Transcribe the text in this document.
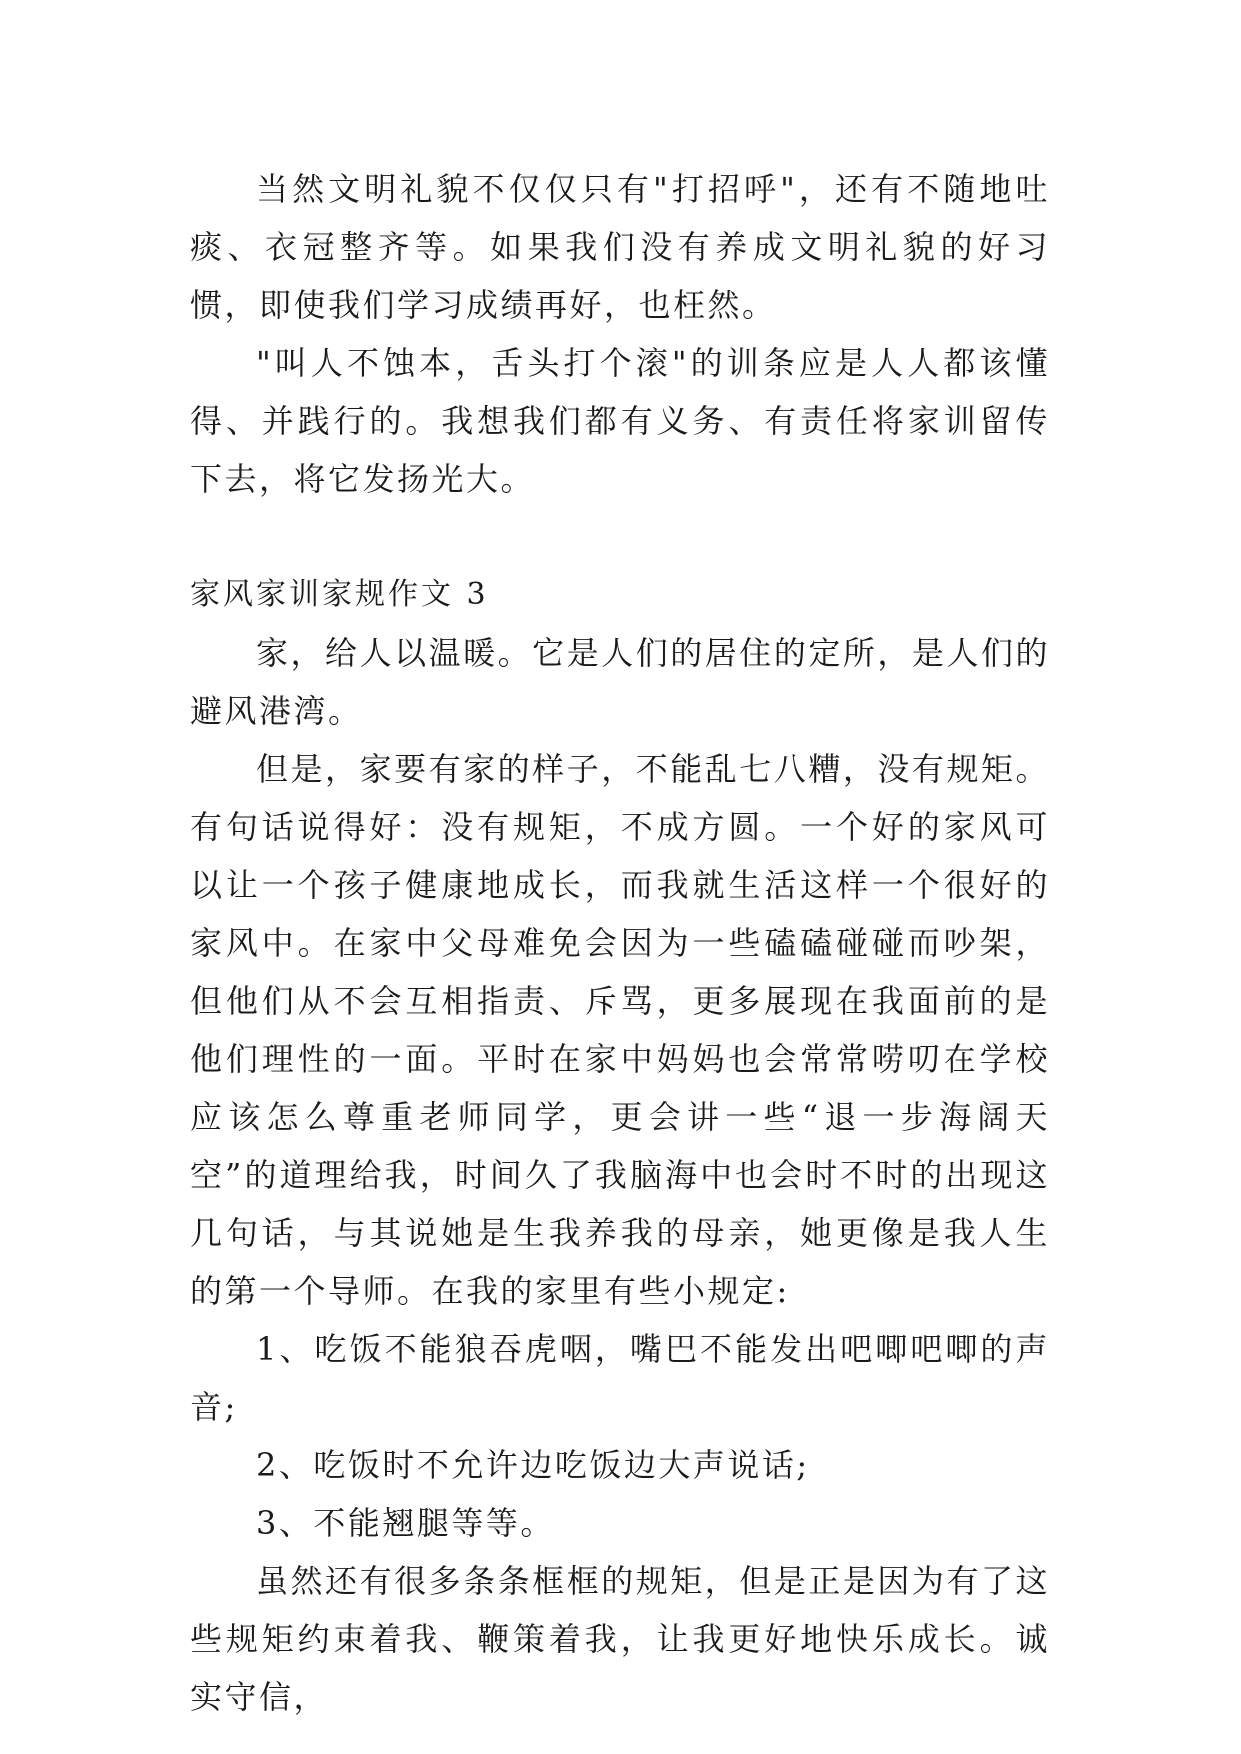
当然文明礼貌不仅仅只有"打招呼"，还有不随地吐痰、衣冠整齐等。如果我们没有养成文明礼貌的好习惯，即使我们学习成绩再好，也枉然。

"叫人不蚀本，舌头打个滚"的训条应是人人都该懂得、并践行的。我想我们都有义务、有责任将家训留传下去，将它发扬光大。

家风家训家规作文 3

家，给人以温暖。它是人们的居住的定所，是人们的避风港湾。

但是，家要有家的样子，不能乱七八糟，没有规矩。有句话说得好：没有规矩，不成方圆。一个好的家风可以让一个孩子健康地成长，而我就生活这样一个很好的家风中。在家中父母难免会因为一些磕磕碰碰而吵架，但他们从不会互相指责、斥骂，更多展现在我面前的是他们理性的一面。平时在家中妈妈也会常常唠叨在学校应该怎么尊重老师同学，更会讲一些“退一步海阔天空”的道理给我，时间久了我脑海中也会时不时的出现这几句话，与其说她是生我养我的母亲，她更像是我人生的第一个导师。在我的家里有些小规定:

1、吃饭不能狼吞虎咽，嘴巴不能发出吧唧吧唧的声音;

2、吃饭时不允许边吃饭边大声说话;

3、不能翘腿等等。

虽然还有很多条条框框的规矩，但是正是因为有了这些规矩约束着我、鞭策着我，让我更好地快乐成长。诚实守信，
